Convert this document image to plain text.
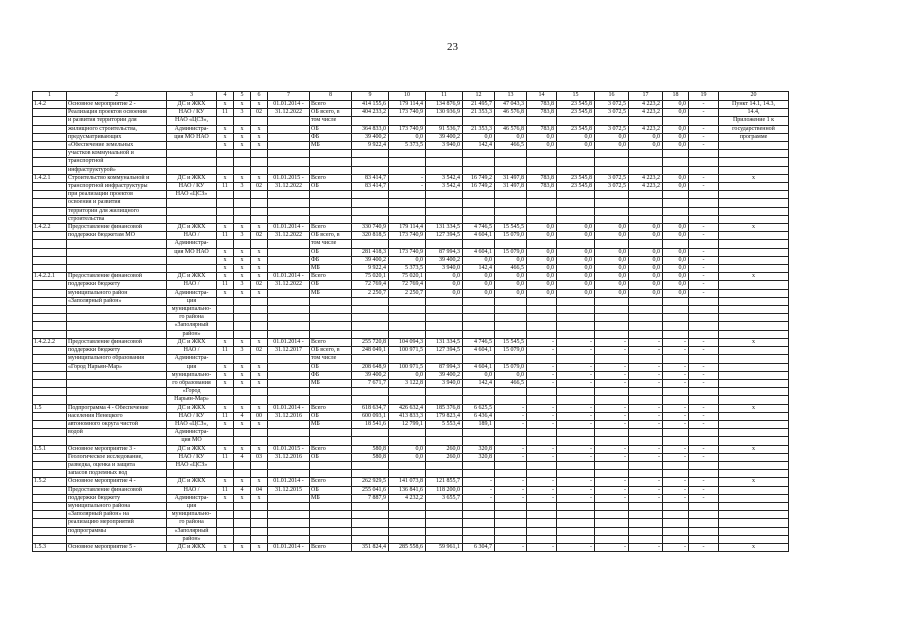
23
1	2	3	4	5	6	7	8	9	10	11	12	13	14	15	16	17	18	19	20
1.4.2	Основное мероприятие 2 -	ДС и ЖКХ	х	х	х	01.01.2014 -	Всего	414 155,6	179 114,4	134 876,9	21 495,7	47 043,3	783,8	23 545,8	3 072,5	4 223,2	0,0	-	Пункт 14.1, 14.3,
	Реализация проектов освоения	НАО / КУ	11	3	02	31.12.2022	ОБ всего, в	404 233,2	173 740,9	130 936,9	21 353,3	46 576,8	783,8	23 545,8	3 072,5	4 223,2	0,0	-	14.4,
	и развития территории для	НАО «ЦСЗ»,					том числе												Приложение 1 к
	жилищного строительства,	Администра-	х	х	х		ОБ	364 833,0	173 740,9	91 536,7	21 353,3	46 576,8	783,8	23 545,8	3 072,5	4 223,2	0,0	-	государственной
	предусматривающих	ция МО НАО	х	х	х		ФБ	39 400,2	0,0	39 400,2	0,0	0,0	0,0	0,0	0,0	0,0	0,0	-	программе
	«Обеспечение земельных		х	х	х		МБ	9 922,4	5 373,5	3 940,0	142,4	466,5	0,0	0,0	0,0	0,0	0,0	-	
	участков коммунальной и																		
	транспортной																		
	инфраструктурой»																		
1.4.2.1	Строительство коммунальной и	ДС и ЖКХ	х	х	х	01.01.2015 -	Всего	83 414,7	-	3 542,4	16 749,2	31 497,8	783,8	23 545,8	3 072,5	4 223,2	0,0	-	х
	транспортной инфраструктуры	НАО / КУ	11	3	02	31.12.2022	ОБ	83 414,7	-	3 542,4	16 749,2	31 497,8	783,8	23 545,8	3 072,5	4 223,2	0,0	-	
	при реализации проектов	НАО «ЦСЗ»																	
	освоения и развития																		
	территории для жилищного																		
	строительства																		
1.4.2.2	Предоставление финансовой	ДС и ЖКХ	х	х	х	01.01.2014 -	Всего	330 740,9	179 114,4	131 334,5	4 746,5	15 545,5	0,0	0,0	0,0	0,0	0,0	-	х
	поддержки бюджетам МО	НАО /	11	3	02	31.12.2022	ОБ всего, в	320 818,5	173 740,9	127 394,5	4 604,1	15 079,0	0,0	0,0	0,0	0,0	0,0	-	
		Администра-					том числе												
		ция МО НАО	х	х	х		ОБ	281 418,3	173 740,9	87 994,3	4 604,1	15 079,0	0,0	0,0	0,0	0,0	0,0	-	
			х	х	х		ФБ	39 400,2	0,0	39 400,2	0,0	0,0	0,0	0,0	0,0	0,0	0,0	-	
			х	х	х		МБ	9 922,4	5 373,5	3 940,0	142,4	466,5	0,0	0,0	0,0	0,0	0,0	-	
1.4.2.2.1	Предоставление финансовой	ДС и ЖКХ	х	х	х	01.01.2014 -	Всего	75 020,1	75 020,1	0,0	0,0	0,0	0,0	0,0	0,0	0,0	0,0	-	х
	поддержки бюджету	НАО /	11	3	02	31.12.2022	ОБ	72 769,4	72 769,4	0,0	0,0	0,0	0,0	0,0	0,0	0,0	0,0	-	
	муниципального район	Администра-	х	х	х		МБ	2 250,7	2 250,7	0,0	0,0	0,0	0,0	0,0	0,0	0,0	0,0	-	
	«Заполярный район»	ция																	
		муниципально-																	
		го района																	
		«Заполярный																	
		район»																	
1.4.2.2.2	Предоставление финансовой	ДС и ЖКХ	х	х	х	01.01.2014 -	Всего	255 720,8	104 094,3	131 334,5	4 746,5	15 545,5	-	-	-	-	-	-	х
	поддержки бюджету	НАО /	11	3	02	31.12.2017	ОБ всего, в	248 049,1	100 971,5	127 394,5	4 604,1	15 079,0	-	-	-	-	-	-	
	муниципального образования	Администра-					том числе												
	«Город Нарьян-Мар»	ция	х	х	х		ОБ	208 648,9	100 971,5	87 994,3	4 604,1	15 079,0	-	-	-	-	-	-	
		муниципально-	х	х	х		ФБ	39 400,2	0,0	39 400,2	0,0	0,0	-	-	-	-	-	-	
		го образования	х	х	х		МБ	7 671,7	3 122,8	3 940,0	142,4	466,5	-	-	-	-	-	-	
		«Город																	
		Нарьян-Мар»																	
1.5	Подпрограмма 4 - Обеспечение	ДС и ЖКХ	х	х	х	01.01.2014 -	Всего	618 634,7	426 632,4	185 376,8	6 625,5	-	-	-	-	-	-	-	х
	населения Ненецкого	НАО / КУ	11	4	00	31.12.2016	ОБ	600 093,1	413 833,3	179 823,4	6 436,4	-	-	-	-	-	-	-	
	автономного округа чистой	НАО «ЦСЗ»,	х	х	х		МБ	18 541,6	12 799,1	5 553,4	189,1	-	-	-	-	-	-	-	
	водой	Администра-																	
		ция МО																	
1.5.1	Основное мероприятие 3 -	ДС и ЖКХ	х	х	х	01.01.2015 -	Всего	580,8	0,0	260,0	320,8	-	-	-	-	-	-	-	х
	Геологическое исследование,	НАО / КУ	11	4	03	31.12.2016	ОБ	580,8	0,0	260,0	320,8	-	-	-	-	-	-	-	
	разведка, оценка и защита	НАО «ЦСЗ»																	
	запасов подземных вод																		
1.5.2	Основное мероприятие 4 -	ДС и ЖКХ	х	х	х	01.01.2014 -	Всего	262 929,5	141 073,8	121 855,7	-	-	-	-	-	-	-	-	х
	Предоставление финансовой	НАО /	11	4	04	31.12.2015	ОБ	255 041,6	136 841,6	118 200,0	-	-	-	-	-	-	-	-	
	поддержки бюджету	Администра-	х	х	х		МБ	7 887,9	4 232,2	3 655,7	-	-	-	-	-	-	-	-	
	муниципального района	ция																	
	«Заполярный район» на	муниципально-																	
	реализацию мероприятий	го района																	
	подпрограммы	«Заполярный																	
		район»																	
1.5.3	Основное мероприятие 5 -	ДС и ЖКХ	х	х	х	01.01.2014 -	Всего	351 824,4	285 558,6	59 961,1	6 304,7	-	-	-	-	-	-	-	х
